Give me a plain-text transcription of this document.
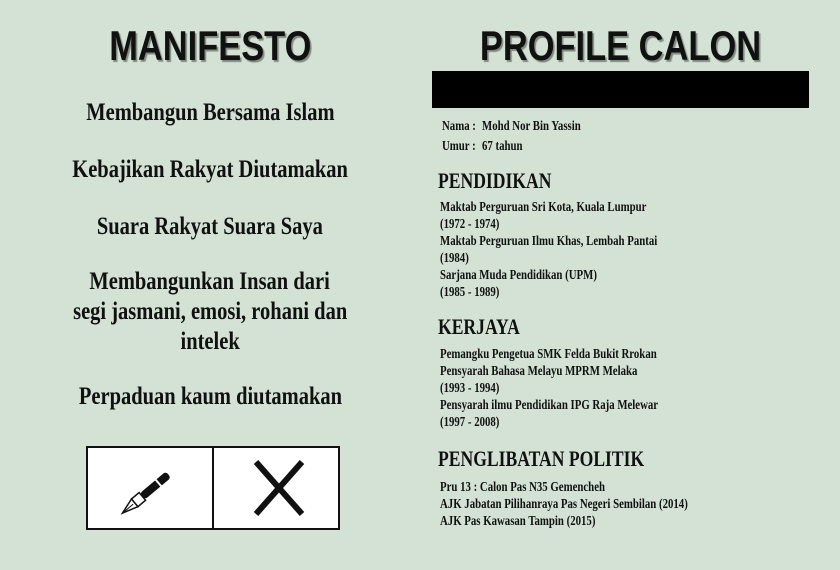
MANIFESTO
Membangun Bersama Islam
Kebajikan Rakyat Diutamakan
Suara Rakyat Suara Saya
Membangunkan Insan dari
segi jasmani, emosi, rohani dan
intelek
Perpaduan kaum diutamakan
PROFILE CALON
Nama : Mohd Nor Bin Yassin
Umur : 67 tahun
PENDIDIKAN
Maktab Perguruan Sri Kota, Kuala Lumpur
(1972 - 1974)
Maktab Perguruan Ilmu Khas, Lembah Pantai
(1984)
Sarjana Muda Pendidikan (UPM)
(1985 - 1989)
KERJAYA
Pemangku Pengetua SMK Felda Bukit Rrokan
Pensyarah Bahasa Melayu MPRM Melaka
(1993 - 1994)
Pensyarah ilmu Pendidikan IPG Raja Melewar
(1997 - 2008)
PENGLIBATAN POLITIK
Pru 13 : Calon Pas N35 Gemencheh
AJK Jabatan Pilihanraya Pas Negeri Sembilan (2014)
AJK Pas Kawasan Tampin (2015)
